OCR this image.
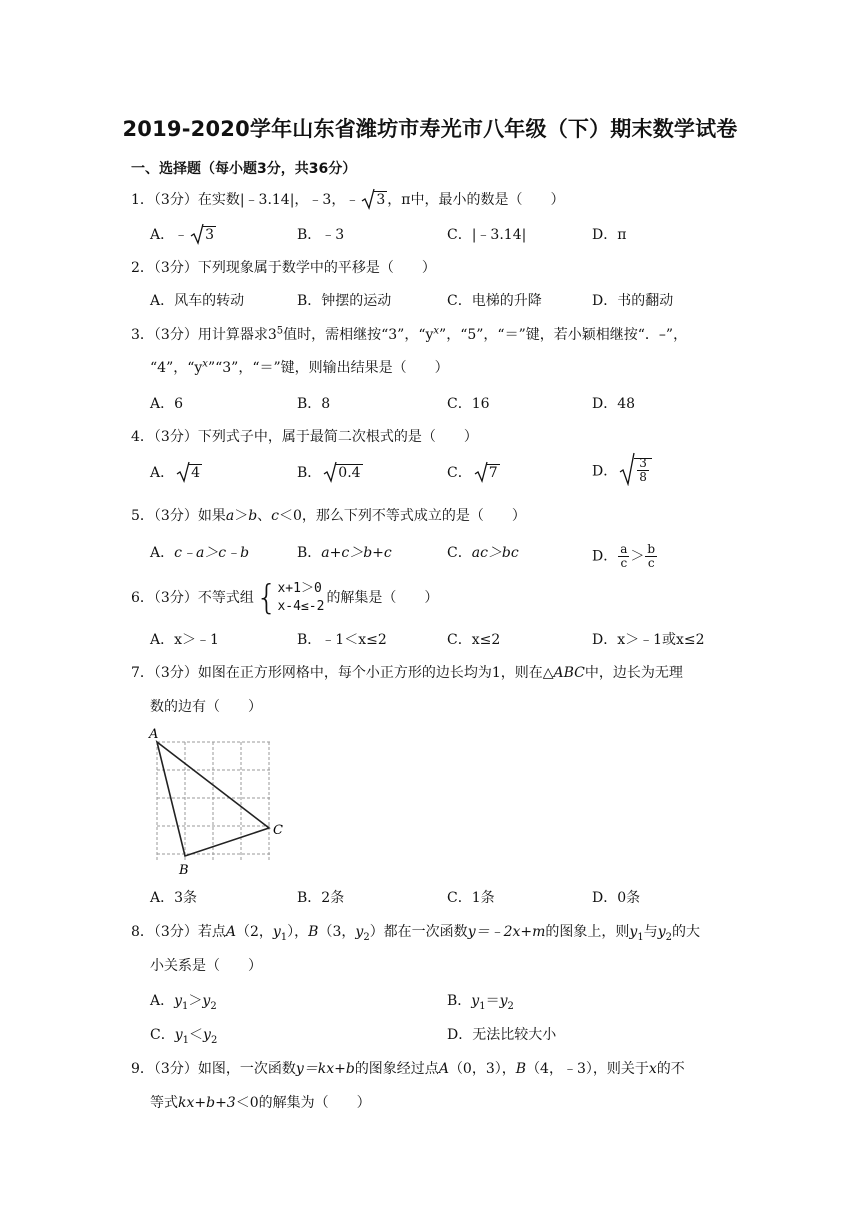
2019-2020学年山东省潍坊市寿光市八年级（下）期末数学试卷
一、选择题（每小题3分，共36分）
1．（3分）在实数|﹣3.14|，﹣3，﹣ 3 ，π中，最小的数是（　　）
A．﹣ 3	B．﹣3	C．|﹣3.14|	D．π
2．（3分）下列现象属于数学中的平移是（　　）
A．风车的转动	B．钟摆的运动	C．电梯的升降	D．书的翻动
3．（3分）用计算器求$3^5$值时，需相继按“3”，“$y^x$”，“5”，“＝”键，若小颖相继按“．–”，
“4”，“$y^x”“3$”，“＝”键，则输出结果是（　　）
A．6	B．8	C．16	D．48
4．（3分）下列式子中，属于最简二次根式的是（　　）
A． 4	B． 0.4	C． 7	D． $\frac{3}{8}$
5．（3分）如果a＞b、c＜0，那么下列不等式成立的是（　　）
A．c﹣a＞c﹣b	B．a+c＞b+c	C．ac＞bc	D． $\frac{a}{c} > \frac{b}{c}$
6．（3分）不等式组 { x+1＞0
x-4≤-2
的解集是（　　）
A．x＞﹣1	B．﹣1＜x≤2	C．x≤2	D．x＞﹣1或x≤2
7．（3分）如图在正方形网格中，每个小正方形的边长均为1，则在△ABC中，边长为无理
数的边有（　　）
A
C
B
A．3条	B．2条	C．1条	D．0条
8．（3分）若点A（2，$y_1$），B（3，$y_2$）都在一次函数y＝﹣2x+m的图象上，则$y_1$与$y_2$的大
小关系是（　　）
A．$y_1>y_2$	B．$y_1=y_2$
C．$y_1<y_2$	D．无法比较大小
9．（3分）如图，一次函数y＝kx+b的图象经过点A（0，3），B（4，﹣3），则关于x的不
等式kx+b+3＜0的解集为（　　）
